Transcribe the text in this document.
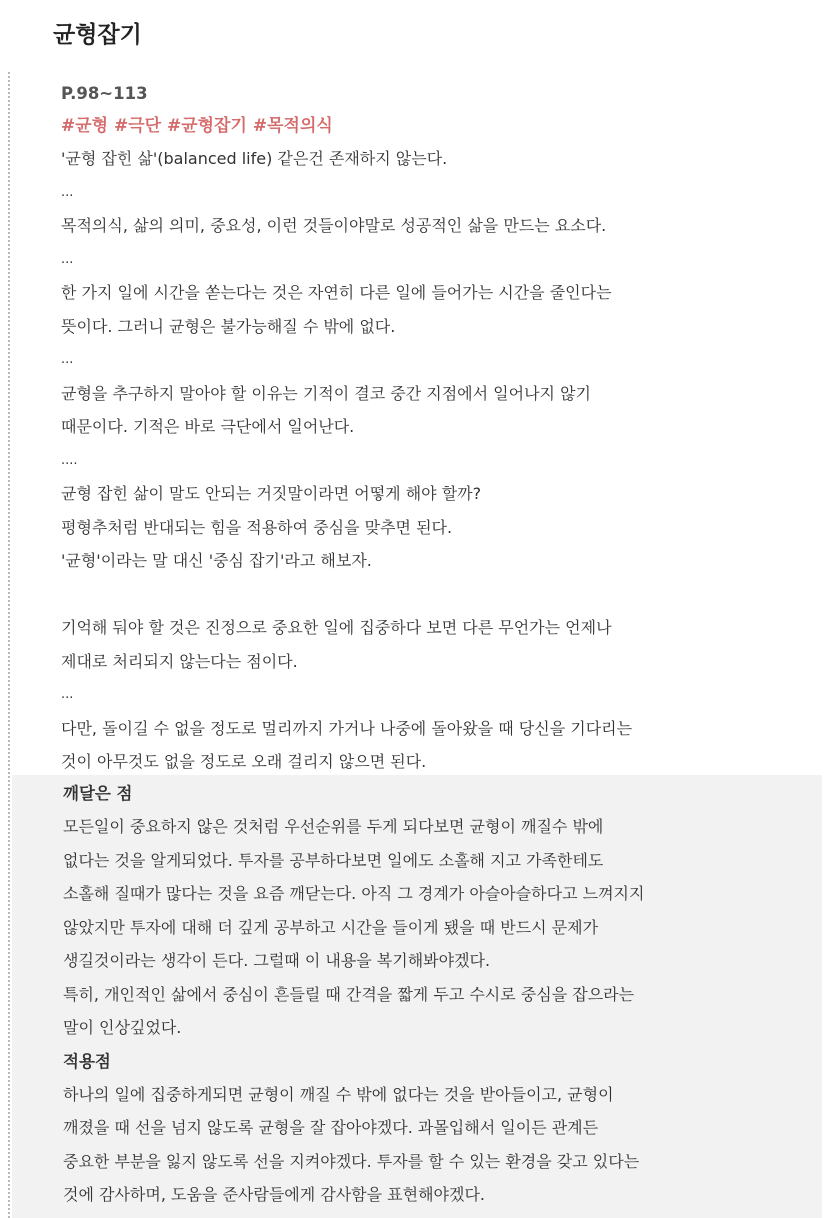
균형잡기
깨달은 점
모든일이 중요하지 않은 것처럼 우선순위를 두게 되다보면 균형이 깨질수 밖에
없다는 것을 알게되었다. 투자를 공부하다보면 일에도 소홀해 지고 가족한테도
소홀해 질때가 많다는 것을 요즘 깨닫는다. 아직 그 경계가 아슬아슬하다고 느껴지지
않았지만 투자에 대해 더 깊게 공부하고 시간을 들이게 됐을 때 반드시 문제가
생길것이라는 생각이 든다. 그럴때 이 내용을 복기해봐야겠다.
특히, 개인적인 삶에서 중심이 흔들릴 때 간격을 짧게 두고 수시로 중심을 잡으라는
말이 인상깊었다.
적용점
하나의 일에 집중하게되면 균형이 깨질 수 밖에 없다는 것을 받아들이고, 균형이
깨졌을 때 선을 넘지 않도록 균형을 잘 잡아야겠다. 과몰입해서 일이든 관계든
중요한 부분을 잃지 않도록 선을 지켜야겠다. 투자를 할 수 있는 환경을 갖고 있다는
것에 감사하며, 도움을 준사람들에게 감사함을 표현해야겠다.
P.98~113
#균형 #극단 #균형잡기 #목적의식
'균형 잡힌 삶'(balanced life) 같은건 존재하지 않는다.
...
목적의식, 삶의 의미, 중요성, 이런 것들이야말로 성공적인 삶을 만드는 요소다.
...
한 가지 일에 시간을 쏟는다는 것은 자연히 다른 일에 들어가는 시간을 줄인다는
뜻이다. 그러니 균형은 불가능해질 수 밖에 없다.
...
균형을 추구하지 말아야 할 이유는 기적이 결코 중간 지점에서 일어나지 않기
때문이다. 기적은 바로 극단에서 일어난다.
....
균형 잡힌 삶이 말도 안되는 거짓말이라면 어떻게 해야 할까?
평형추처럼 반대되는 힘을 적용하여 중심을 맞추면 된다.
'균형'이라는 말 대신 '중심 잡기'라고 해보자.
기억해 둬야 할 것은 진정으로 중요한 일에 집중하다 보면 다른 무언가는 언제나
제대로 처리되지 않는다는 점이다.
...
다만, 돌이길 수 없을 정도로 멀리까지 가거나 나중에 돌아왔을 때 당신을 기다리는
것이 아무것도 없을 정도로 오래 걸리지 않으면 된다.
